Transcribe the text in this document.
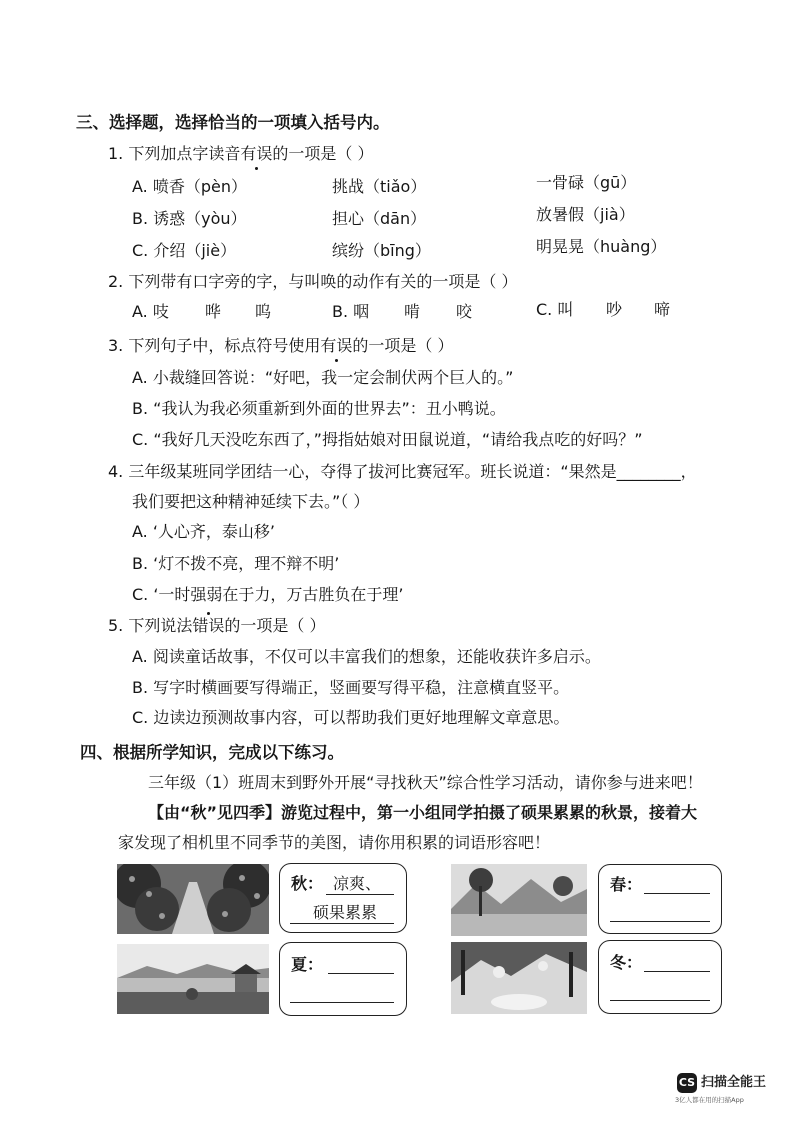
三、选择题，选择恰当的一项填入括号内。
1. 下列加点字读音有误的一项是（ ）
A. 喷香（pèn）	挑战（tiǎo）	一骨碌（gū）
B. 诱惑（yòu）	担心（dān）	放暑假（jià）
C. 介绍（jiè）	缤纷（bīng）	明晃晃（huàng）
2. 下列带有口字旁的字，与叫唤的动作有关的一项是（ ）
A. 吱 哗 呜	B. 咽 啃 咬	C. 叫 吵 啼
3. 下列句子中，标点符号使用有误的一项是（ ）
A. 小裁缝回答说：“好吧，我一定会制伏两个巨人的。”
B. “我认为我必须重新到外面的世界去”：丑小鸭说。
C. “我好几天没吃东西了，”拇指姑娘对田鼠说道，“请给我点吃的好吗？”
4. 三年级某班同学团结一心，夺得了拔河比赛冠军。班长说道：“果然是________，
我们要把这种精神延续下去。”（ ）
A. ‘人心齐，泰山移’
B. ‘灯不拨不亮，理不辩不明’
C. ‘一时强弱在于力，万古胜负在于理’
5. 下列说法错误的一项是（ ）
A. 阅读童话故事，不仅可以丰富我们的想象，还能收获许多启示。
B. 写字时横画要写得端正，竖画要写得平稳，注意横直竖平。
C. 边读边预测故事内容，可以帮助我们更好地理解文章意思。
四、根据所学知识，完成以下练习。
三年级（1）班周末到野外开展“寻找秋天”综合性学习活动，请你参与进来吧！
【由“秋”见四季】游览过程中，第一小组同学拍摄了硕果累累的秋景，接着大
家发现了相机里不同季节的美图，请你用积累的词语形容吧！
秋： 凉爽、
硕果累累
夏：
春：
冬：
CS 扫描全能王
3亿人都在用的扫描App
